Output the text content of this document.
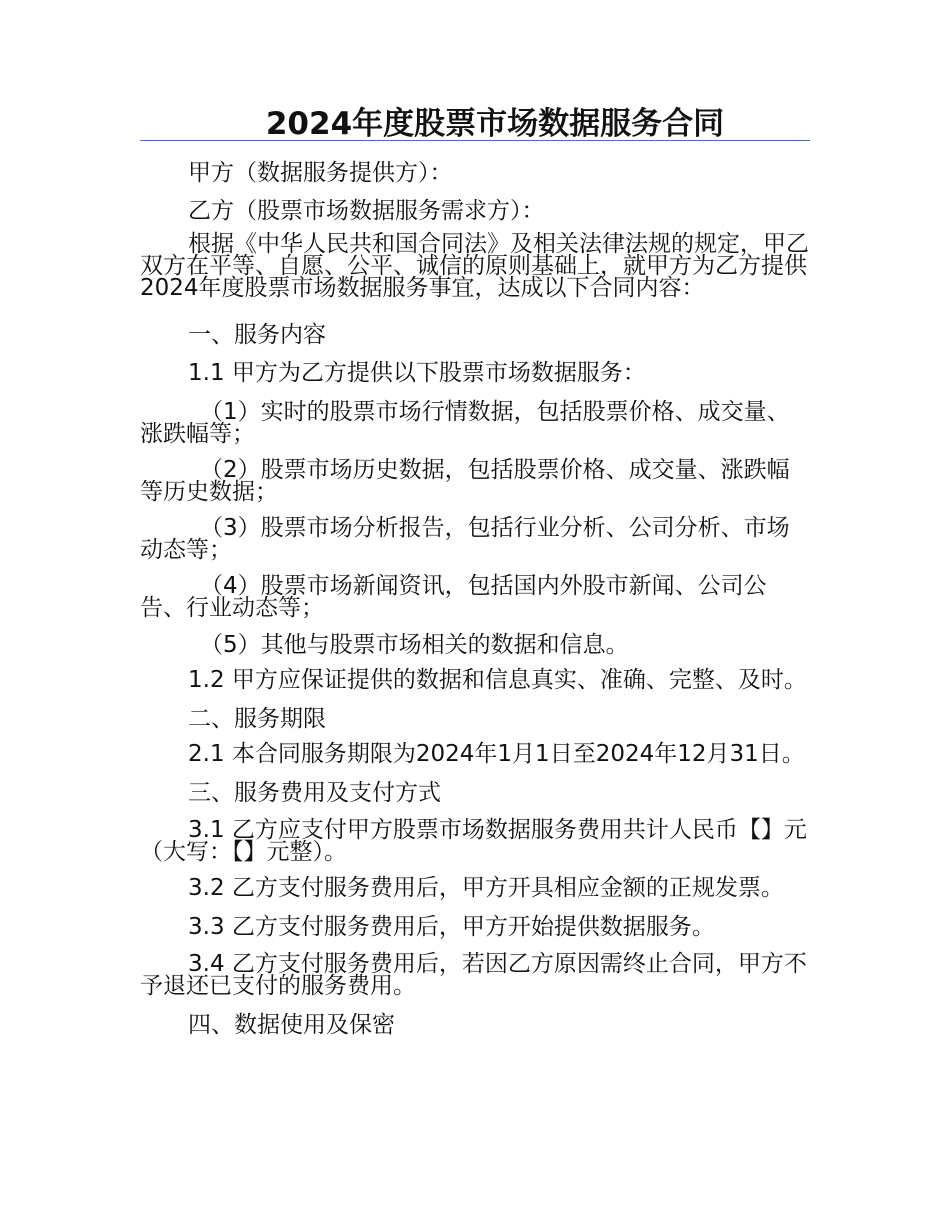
2024年度股票市场数据服务合同
甲方（数据服务提供方）：
乙方（股票市场数据服务需求方）：
根据《中华人民共和国合同法》及相关法律法规的规定，甲乙双方在平等、自愿、公平、诚信的原则基础上，就甲方为乙方提供2024年度股票市场数据服务事宜，达成以下合同内容：
一、服务内容
1.1 甲方为乙方提供以下股票市场数据服务：
（1）实时的股票市场行情数据，包括股票价格、成交量、涨跌幅等；
（2）股票市场历史数据，包括股票价格、成交量、涨跌幅等历史数据；
（3）股票市场分析报告，包括行业分析、公司分析、市场动态等；
（4）股票市场新闻资讯，包括国内外股市新闻、公司公告、行业动态等；
（5）其他与股票市场相关的数据和信息。
1.2 甲方应保证提供的数据和信息真实、准确、完整、及时。
二、服务期限
2.1 本合同服务期限为2024年1月1日至2024年12月31日。
三、服务费用及支付方式
3.1 乙方应支付甲方股票市场数据服务费用共计人民币【】元（大写：【】元整）。
3.2 乙方支付服务费用后，甲方开具相应金额的正规发票。
3.3 乙方支付服务费用后，甲方开始提供数据服务。
3.4 乙方支付服务费用后，若因乙方原因需终止合同，甲方不予退还已支付的服务费用。
四、数据使用及保密
